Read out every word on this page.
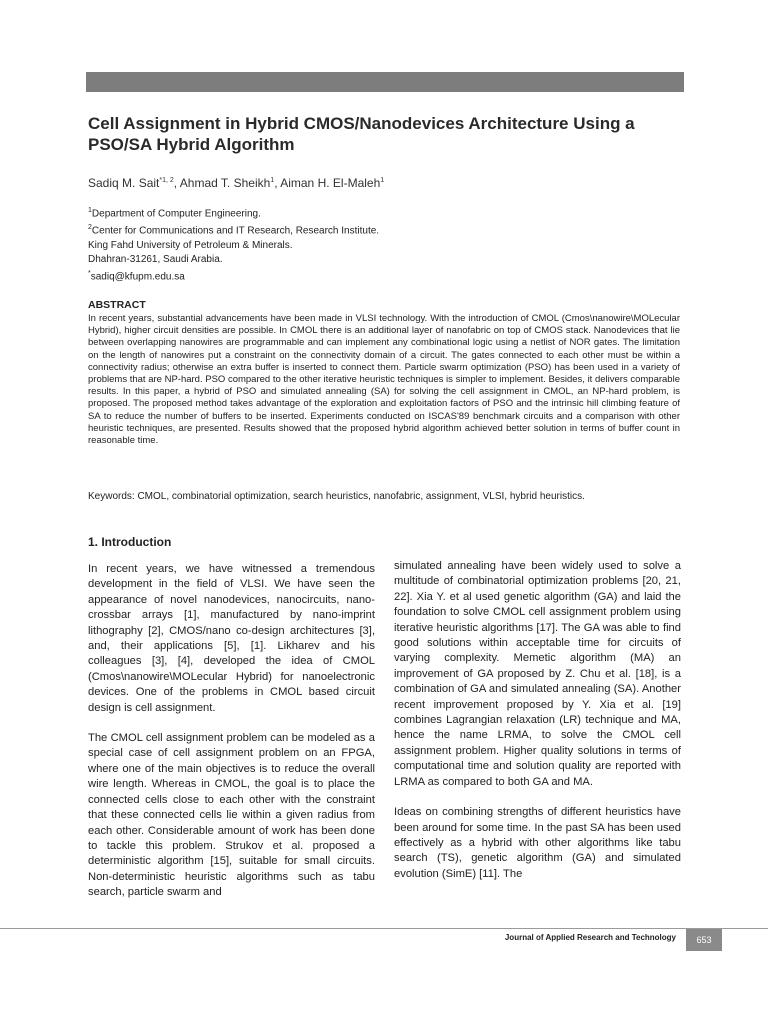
Cell Assignment in Hybrid CMOS/Nanodevices Architecture Using a PSO/SA Hybrid Algorithm
Sadiq M. Sait$^{*1, 2}$, Ahmad T. Sheikh$^1$, Aiman H. El-Maleh$^1$
$^1$Department of Computer Engineering.
$^2$Center for Communications and IT Research, Research Institute.
King Fahd University of Petroleum & Minerals.
Dhahran-31261, Saudi Arabia.
*sadiq@kfupm.edu.sa
ABSTRACT

In recent years, substantial advancements have been made in VLSI technology. With the introduction of CMOL (Cmos\nanowire\MOLecular Hybrid), higher circuit densities are possible. In CMOL there is an additional layer of nanofabric on top of CMOS stack. Nanodevices that lie between overlapping nanowires are programmable and can implement any combinational logic using a netlist of NOR gates. The limitation on the length of nanowires put a constraint on the connectivity domain of a circuit. The gates connected to each other must be within a connectivity radius; otherwise an extra buffer is inserted to connect them. Particle swarm optimization (PSO) has been used in a variety of problems that are NP-hard. PSO compared to the other iterative heuristic techniques is simpler to implement. Besides, it delivers comparable results. In this paper, a hybrid of PSO and simulated annealing (SA) for solving the cell assignment in CMOL, an NP-hard problem, is proposed. The proposed method takes advantage of the exploration and exploitation factors of PSO and the intrinsic hill climbing feature of SA to reduce the number of buffers to be inserted. Experiments conducted on ISCAS'89 benchmark circuits and a comparison with other heuristic techniques, are presented. Results showed that the proposed hybrid algorithm achieved better solution in terms of buffer count in reasonable time.

Keywords: CMOL, combinatorial optimization, search heuristics, nanofabric, assignment, VLSI, hybrid heuristics.
1. Introduction

In recent years, we have witnessed a tremendous development in the field of VLSI. We have seen the appearance of novel nanodevices, nanocircuits, nano-crossbar arrays [1], manufactured by nano-imprint lithography [2], CMOS/nano co-design architectures [3], and, their applications [5], [1]. Likharev and his colleagues [3], [4], developed the idea of CMOL (Cmos\nanowire\MOLecular Hybrid) for nanoelectronic devices. One of the problems in CMOL based circuit design is cell assignment.

The CMOL cell assignment problem can be modeled as a special case of cell assignment problem on an FPGA, where one of the main objectives is to reduce the overall wire length. Whereas in CMOL, the goal is to place the connected cells close to each other with the constraint that these connected cells lie within a given radius from each other. Considerable amount of work has been done to tackle this problem. Strukov et al. proposed a deterministic algorithm [15], suitable for small circuits. Non-deterministic heuristic algorithms such as tabu search, particle swarm and

simulated annealing have been widely used to solve a multitude of combinatorial optimization problems [20, 21, 22]. Xia Y. et al used genetic algorithm (GA) and laid the foundation to solve CMOL cell assignment problem using iterative heuristic algorithms [17]. The GA was able to find good solutions within acceptable time for circuits of varying complexity. Memetic algorithm (MA) an improvement of GA proposed by Z. Chu et al. [18], is a combination of GA and simulated annealing (SA). Another recent improvement proposed by Y. Xia et al. [19] combines Lagrangian relaxation (LR) technique and MA, hence the name LRMA, to solve the CMOL cell assignment problem. Higher quality solutions in terms of computational time and solution quality are reported with LRMA as compared to both GA and MA.

Ideas on combining strengths of different heuristics have been around for some time. In the past SA has been used effectively as a hybrid with other algorithms like tabu search (TS), genetic algorithm (GA) and simulated evolution (SimE) [11]. The

Journal of Applied Research and Technology	653
